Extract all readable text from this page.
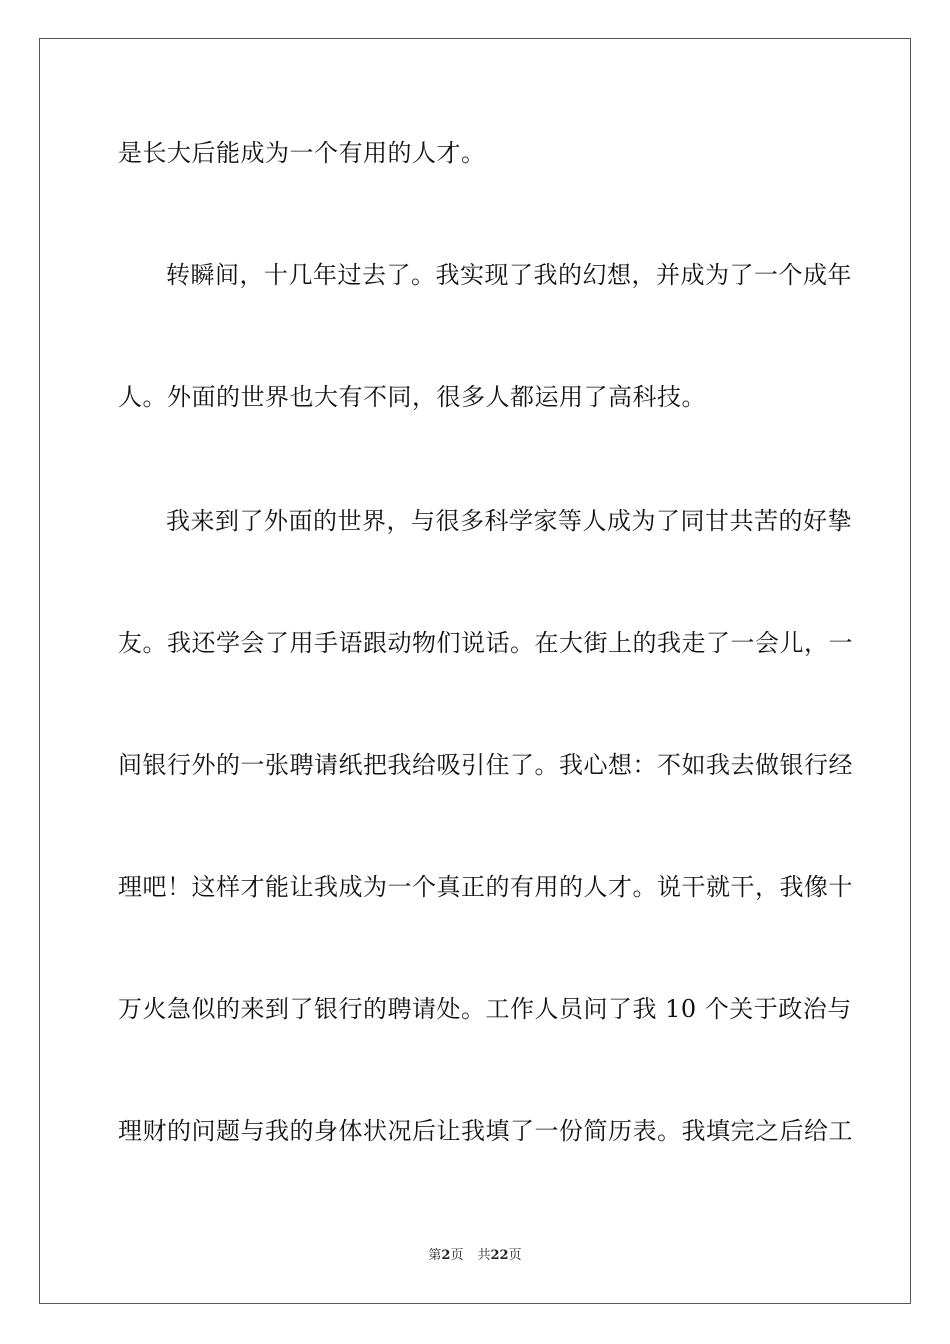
是长大后能成为一个有用的人才。
转瞬间，十几年过去了。我实现了我的幻想，并成为了一个成年
人。外面的世界也大有不同，很多人都运用了高科技。
我来到了外面的世界，与很多科学家等人成为了同甘共苦的好挚
友。我还学会了用手语跟动物们说话。在大街上的我走了一会儿，一
间银行外的一张聘请纸把我给吸引住了。我心想：不如我去做银行经
理吧！这样才能让我成为一个真正的有用的人才。说干就干，我像十
万火急似的来到了银行的聘请处。工作人员问了我 10 个关于政治与
理财的问题与我的身体状况后让我填了一份简历表。我填完之后给工
第2页 共22页
